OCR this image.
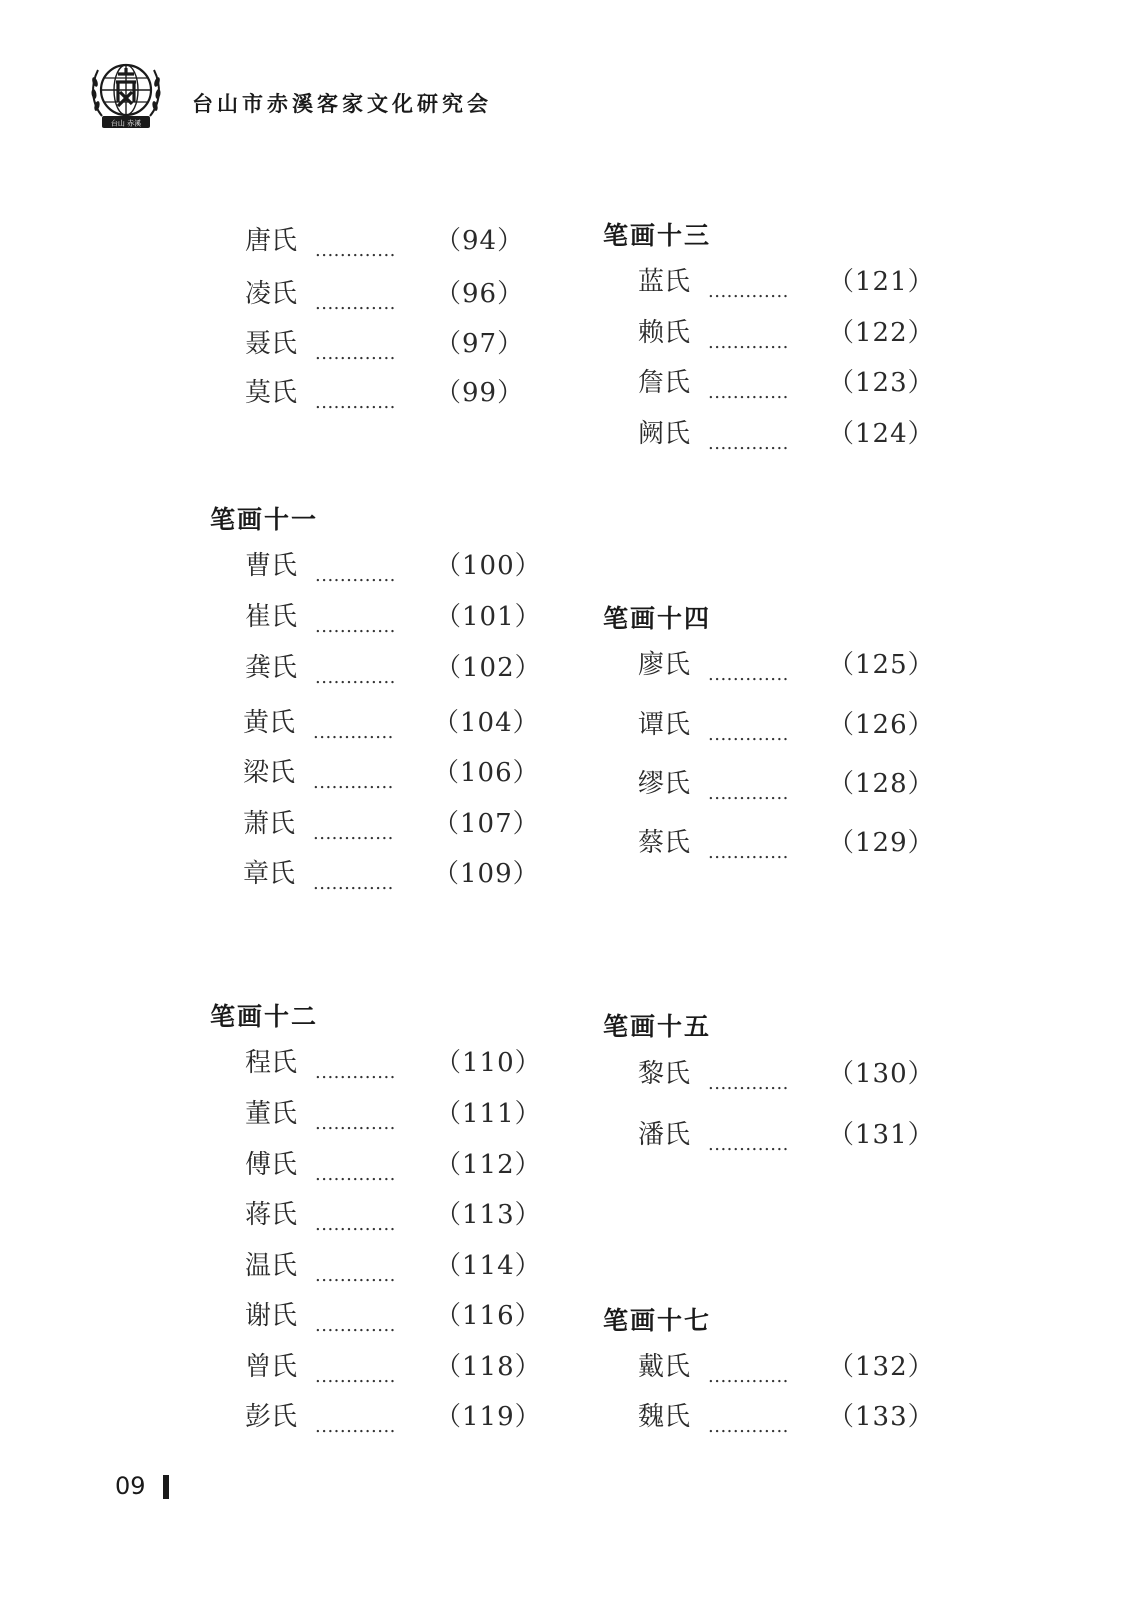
台山 赤溪
台山市赤溪客家文化研究会
唐氏 ............. （94）
凌氏 ............. （96）
聂氏 ............. （97）
莫氏 ............. （99）
笔画十一
曹氏 ............. （100）
崔氏 ............. （101）
龚氏 ............. （102）
黄氏 ............. （104）
梁氏 ............. （106）
萧氏 ............. （107）
章氏 ............. （109）
笔画十二
程氏 ............. （110）
董氏 ............. （111）
傅氏 ............. （112）
蒋氏 ............. （113）
温氏 ............. （114）
谢氏 ............. （116）
曾氏 ............. （118）
彭氏 ............. （119）
笔画十三
蓝氏 ............. （121）
赖氏 ............. （122）
詹氏 ............. （123）
阙氏 ............. （124）
笔画十四
廖氏 ............. （125）
谭氏 ............. （126）
缪氏 ............. （128）
蔡氏 ............. （129）
笔画十五
黎氏 ............. （130）
潘氏 ............. （131）
笔画十七
戴氏 ............. （132）
魏氏 ............. （133）
09
